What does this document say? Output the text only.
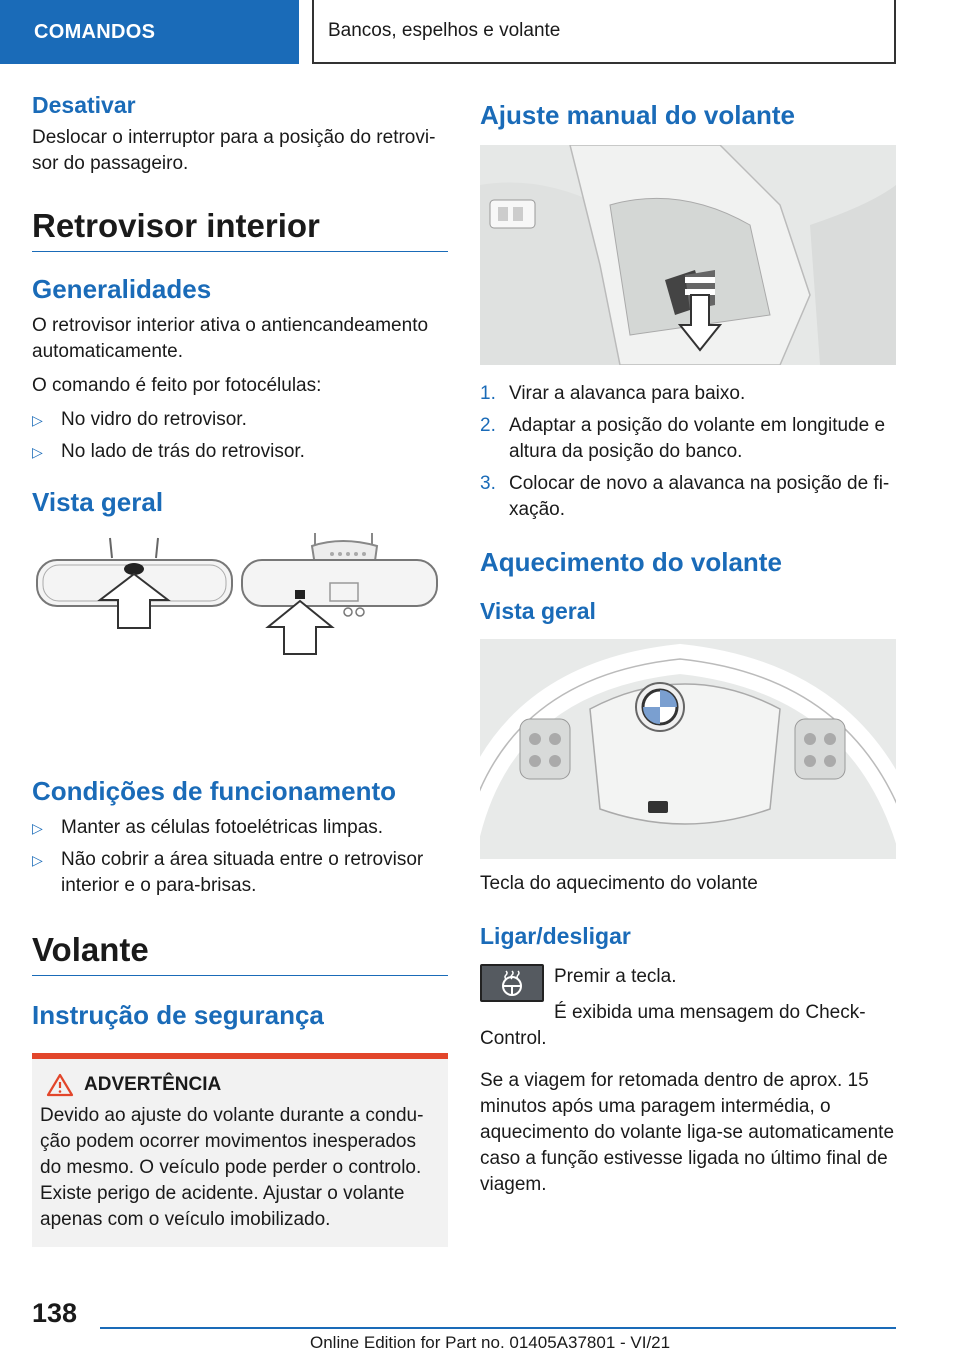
COMANDOS	Bancos, espelhos e volante
Desativar

Deslocar o interruptor para a posição do retrovisor do passageiro.

Retrovisor interior
Generalidades

O retrovisor interior ativa o antiencandeamento automaticamente.

O comando é feito por fotocélulas:

▷ No vidro do retrovisor.
▷ No lado de trás do retrovisor.
Vista geral
Condições de funcionamento
▷ Manter as células fotoelétricas limpas.
▷ Não cobrir a área situada entre o retrovisor interior e o para-brisas.
Volante
Instrução de segurança
ADVERTÊNCIA

Devido ao ajuste do volante durante a condução podem ocorrer movimentos inesperados do mesmo. O veículo pode perder o controlo. Existe perigo de acidente. Ajustar o volante apenas com o veículo imobilizado.

Ajuste manual do volante
1. Virar a alavanca para baixo.
2. Adaptar a posição do volante em longitude e altura da posição do banco.
3. Colocar de novo a alavanca na posição de fixação.
Aquecimento do volante
Vista geral

Tecla do aquecimento do volante

Ligar/desligar

Premir a tecla.

É exibida uma mensagem do Check-Control.

Se a viagem for retomada dentro de aprox. 15 minutos após uma paragem intermédia, o aquecimento do volante liga-se automaticamente caso a função estivesse ligada no último final de viagem.

138
Online Edition for Part no. 01405A37801 - VI/21
